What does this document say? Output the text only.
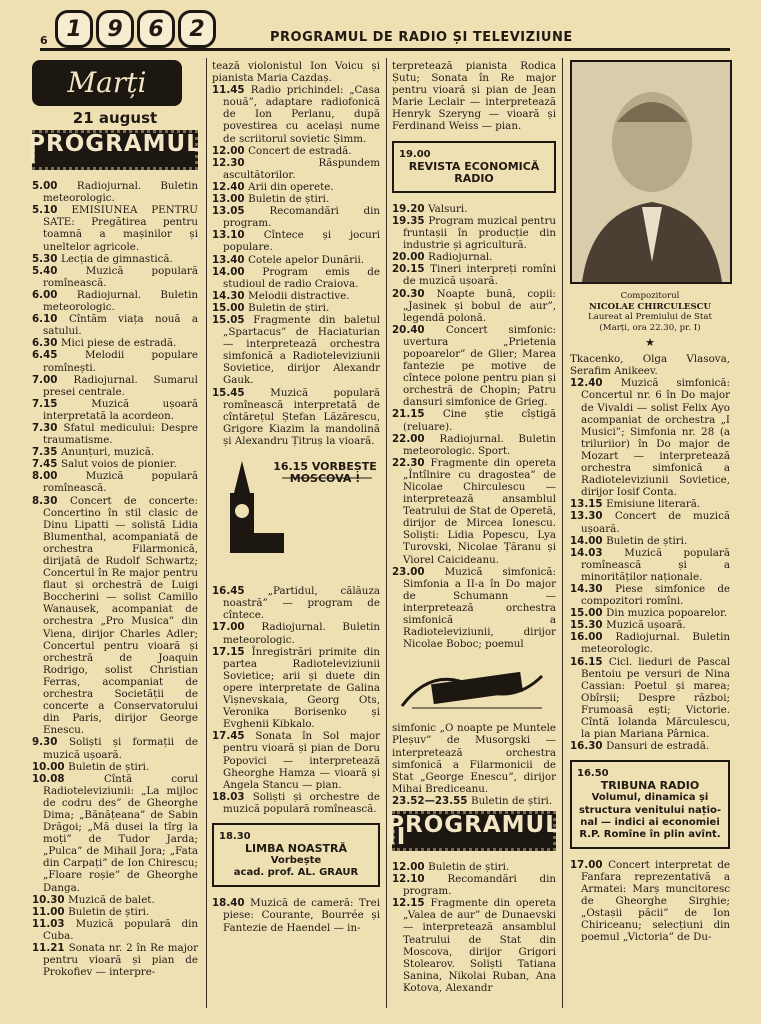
6 1	9	6	2	PROGRAMUL DE RADIO ȘI TELEVIZIUNE
Marți
21 august
PROGRAMUL I

5.00 Radiojurnal. Buletin meteorologic.

5.10 EMISIUNEA PENTRU SATE: Pregătirea pentru toamnă a mașinilor și uneltelor agricole.

5.30 Lecția de gimnastică.

5.40 Muzică populară romînească.

6.00 Radiojurnal. Buletin meteorologic.

6.10 Cîntăm viața nouă a satului.

6.30 Mici piese de estradă.

6.45 Melodii populare romînești.

7.00 Radiojurnal. Sumarul presei centrale.

7.15 Muzică ușoară interpretată la acordeon.

7.30 Sfatul medicului: Despre traumatisme.

7.35 Anunțuri, muzică.

7.45 Salut voios de pionier.

8.00 Muzică populară romînească.

8.30 Concert de concerte: Concertino în stil clasic de Dinu Lipatti — solistă Lidia Blumenthal, acompaniată de orchestra Filarmonică, dirijată de Rudolf Schwartz; Concertul în Re major pentru flaut și orchestră de Luigi Boccherini — solist Camillo Wanausek, acompaniat de orchestra „Pro Musica” din Viena, dirijor Charles Adler; Concertul pentru vioară și orchestră de Joaquin Rodrigo, solist Christian Ferras, acompaniat de orchestra Societății de concerte a Conservatorului din Paris, dirijor George Enescu.

9.30 Soliști și formații de muzică ușoară.

10.00 Buletin de știri.

10.08 Cîntă corul Radioteleviziunii: „La mijloc de codru des” de Gheorghe Dima; „Bănățeana” de Sabin Drăgoi; „Mă dusei la tîrg la moți” de Tudor Jarda; „Pulca” de Mihail Jora; „Fata din Carpați” de Ion Chirescu; „Floare roșie” de Gheorghe Danga.

10.30 Muzică de balet.

11.00 Buletin de știri.

11.03 Muzică populară din Cuba.

11.21 Sonata nr. 2 în Re major pentru vioară și pian de Prokofiev — interpre-

tează violonistul Ion Voicu și pianista Maria Cazdaș.

11.45 Radio prichindel: „Casa nouă”, adaptare radiofonică de Ion Perlanu, după povestirea cu același nume de scriitorul sovietic Șimm.

12.00 Concert de estradă.

12.30 Răspundem ascultătorilor.

12.40 Arii din operete.

13.00 Buletin de știri.

13.05 Recomandări din program.

13.10 Cîntece și jocuri populare.

13.40 Cotele apelor Dunării.

14.00 Program emis de studioul de radio Craiova.

14.30 Melodii distractive.

15.00 Buletin de știri.

15.05 Fragmente din baletul „Spartacus” de Haciaturian — interpretează orchestra simfonică a Radioteleviziunii Sovietice, dirijor Alexandr Gauk.

15.45 Muzică populară romînească interpretată de cîntărețul Ștefan Lăzărescu, Grigore Kiazim la mandolină și Alexandru Țitruș la vioară.

16.15 VORBEȘTE MOSCOVA !

16.45 „Partidul, călăuza noastră” — program de cîntece.

17.00 Radiojurnal. Buletin meteorologic.

17.15 Înregistrări primite din partea Radioteleviziunii Sovietice; arii și duete din opere interpretate de Galina Vișnevskaia, Georg Ots, Veronika Borisenko și Evghenii Kibkalo.

17.45 Sonata în Sol major pentru vioară și pian de Doru Popovici — interpretează Gheorghe Hamza — vioară și Angela Stancu — pian.

18.03 Soliști și orchestre de muzică populară romînească.

18.30
LIMBA NOASTRĂ
Vorbește
acad. prof. AL. GRAUR

18.40 Muzică de cameră: Trei piese: Courante, Bourrée și Fantezie de Haendel — in-

terpretează pianista Rodica Șutu; Sonata în Re major pentru vioară și pian de Jean Marie Leclair — interpretează Henryk Szeryng — vioară și Ferdinand Weiss — pian.

19.00
REVISTA ECONOMICĂ
RADIO

19.20 Valsuri.

19.35 Program muzical pentru fruntașii în producție din industrie și agricultură.

20.00 Radiojurnal.

20.15 Tineri interpreți romîni de muzică ușoară.

20.30 Noapte bună, copii: „Jasinek și bobul de aur”, legendă polonă.

20.40 Concert simfonic: uvertura „Prietenia popoarelor” de Glier; Marea fantezie pe motive de cîntece polone pentru pian și orchestră de Chopin; Patru dansuri simfonice de Grieg.

21.15 Cine știe cîștigă (reluare).

22.00 Radiojurnal. Buletin meteorologic. Sport.

22.30 Fragmente din opereta „Întîlnire cu dragostea” de Nicolae Chirculescu — interpretează ansamblul Teatrului de Stat de Operetă, dirijor de Mircea Ionescu. Soliști: Lidia Popescu, Lya Turovski, Nicolae Țăranu și Viorel Caicideanu.

23.00 Muzică simfonică: Simfonia a II-a în Do major de Schumann — interpretează orchestra simfonică a Radioteleviziunii, dirijor Nicolae Boboc; poemul

simfonic „O noapte pe Muntele Pleșuv” de Musorgski — interpretează orchestra simfonică a Filarmonicii de Stat „George Enescu”, dirijor Mihai Brediceanu.

23.52—23.55 Buletin de știri.

PROGRAMUL II

12.00 Buletin de știri.

12.10 Recomandări din program.

12.15 Fragmente din opereta „Valea de aur” de Dunaevski — interpretează ansamblul Teatrului de Stat din Moscova, dirijor Grigori Stolearov. Soliști Tatiana Sanina, Nikolai Ruban, Ana Kotova, Alexandr

Compozitorul
NICOLAE CHIRCULESCU
Laureat al Premiului de Stat
(Marți, ora 22.30, pr. I)
★

Tkacenko, Olga Vlasova, Serafim Anikeev.

12.40 Muzică simfonică: Concertul nr. 6 în Do major de Vivaldi — solist Felix Ayo acompaniat de orchestra „I Musici”; Simfonia nr. 28 (a triluriior) în Do major de Mozart — interpretează orchestra simfonică a Radioteleviziunii Sovietice, dirijor Iosif Conta.

13.15 Emisiune literară.

13.30 Concert de muzică ușoară.

14.00 Buletin de știri.

14.03 Muzică populară romînească și a minorităților naționale.

14.30 Piese simfonice de compozitori romîni.

15.00 Din muzica popoarelor.

15.30 Muzică ușoară.

16.00 Radiojurnal. Buletin meteorologic.

16.15 Cicl. lieduri de Pascal Bentoiu pe versuri de Nina Cassian: Poetul și marea; Obîrșii; Despre război; Frumoasă ești; Victorie. Cîntă Iolanda Mărculescu, la pian Mariana Pârnica.

16.30 Dansuri de estradă.

16.50
TRIBUNA RADIO
Volumul, dinamica și
structura venitului națio-
nal — indici ai economiei
R.P. Romîne în plin avînt.

17.00 Concert interpretat de Fanfara reprezentativă a Armatei: Marș muncitoresc de Gheorghe Sirghie; „Ostașii păcii” de Ion Chiriceanu; selecțiuni din poemul „Victoria” de Du-
